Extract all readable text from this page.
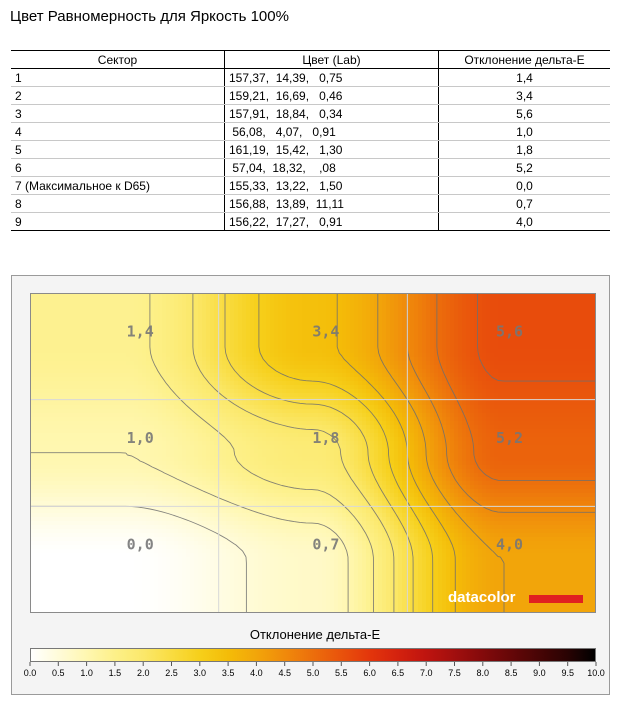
Цвет Равномерность для Яркость 100%
Сектор	Цвет (Lab)	Отклонение дельта-E
1	157,37,  14,39,   0,75	1,4
2	159,21,  16,69,   0,46	3,4
3	157,91,  18,84,   0,34	5,6
4	56,08,   4,07,   0,91	1,0
5	161,19,  15,42,   1,30	1,8
6	57,04,  18,32,    ,08	5,2
7 (Максимальное к D65)	155,33,  13,22,   1,50	0,0
8	156,88,  13,89,  11,11	0,7
9	156,22,  17,27,   0,91	4,0
1,4	3,4	5,6
1,0	1,8	5,2
0,0	0,7	4,0
datacolor
Отклонение дельта-E
0.0 0.5 1.0 1.5 2.0 2.5 3.0 3.5 4.0 4.5 5.0 5.5 6.0 6.5 7.0 7.5 8.0 8.5 9.0 9.5 10.0
